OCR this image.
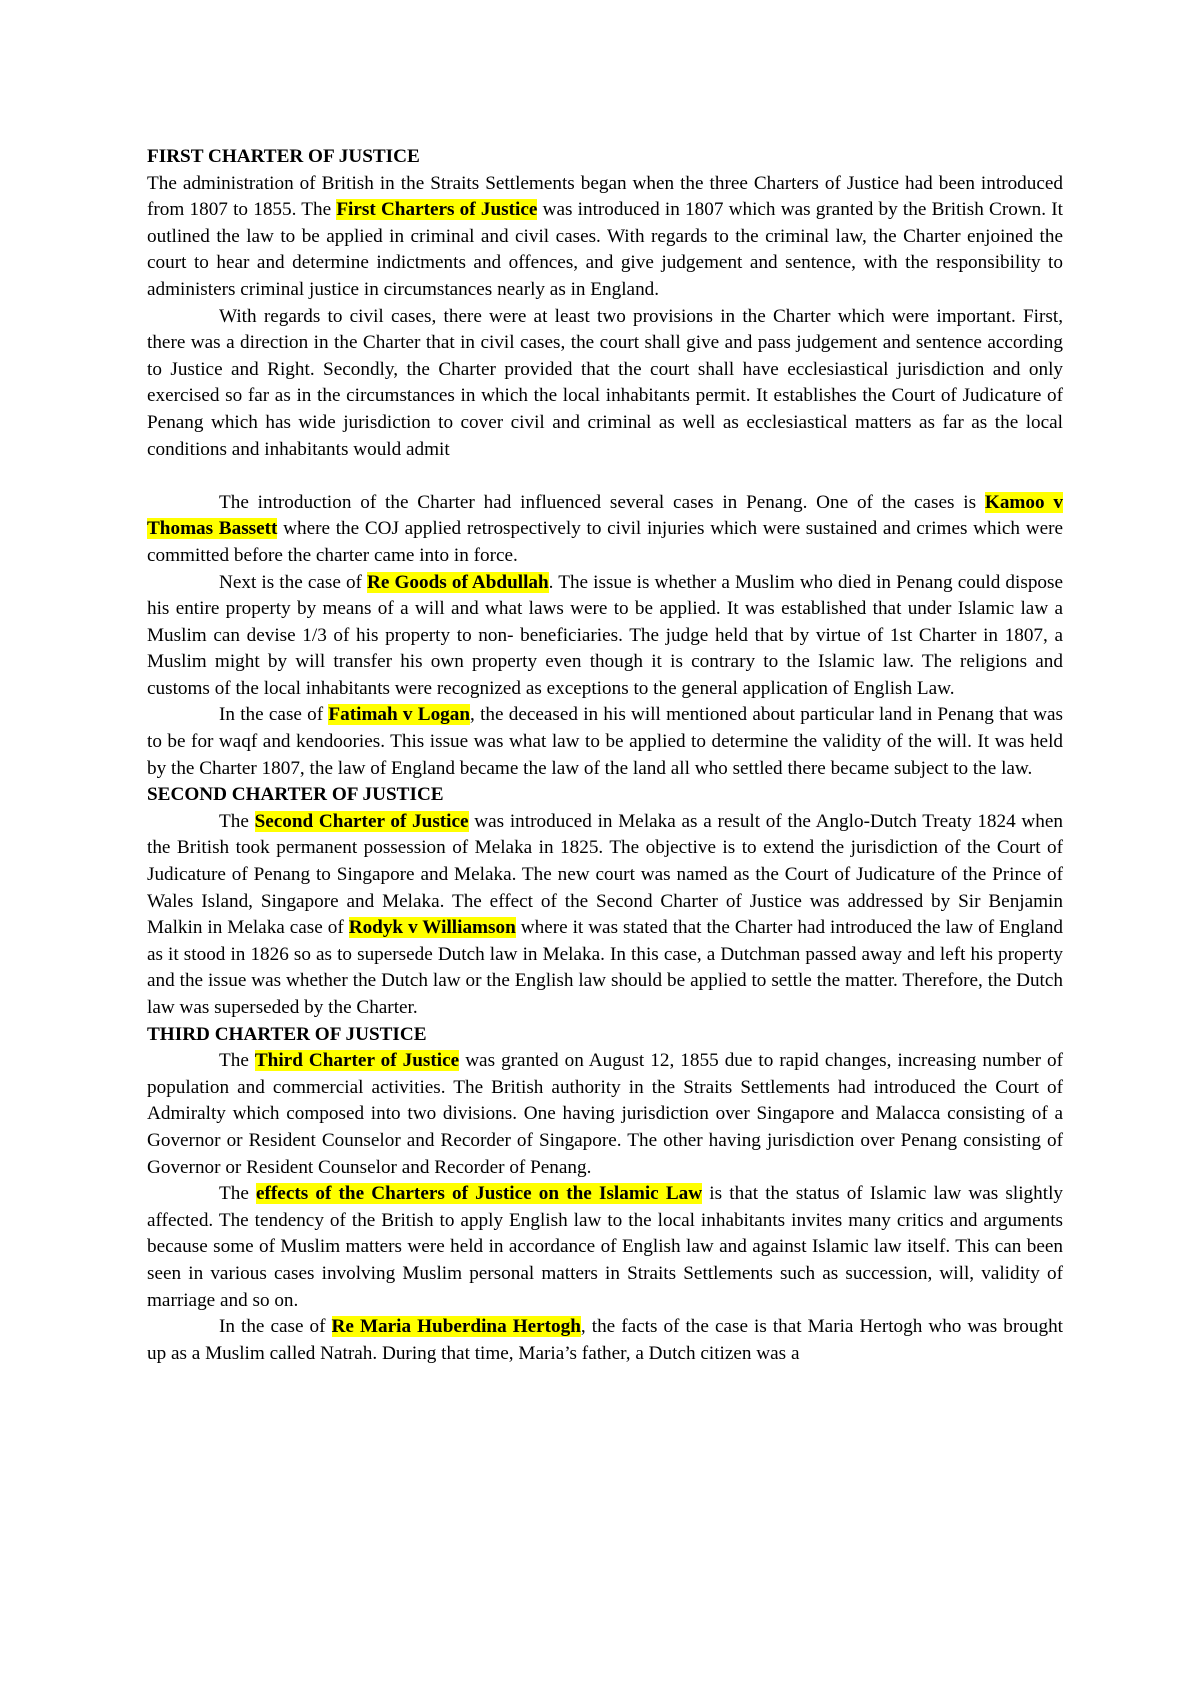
FIRST CHARTER OF JUSTICE

The administration of British in the Straits Settlements began when the three Charters of Justice had been introduced from 1807 to 1855. The First Charters of Justice was introduced in 1807 which was granted by the British Crown. It outlined the law to be applied in criminal and civil cases. With regards to the criminal law, the Charter enjoined the court to hear and determine indictments and offences, and give judgement and sentence, with the responsibility to administers criminal justice in circumstances nearly as in England.

With regards to civil cases, there were at least two provisions in the Charter which were important. First, there was a direction in the Charter that in civil cases, the court shall give and pass judgement and sentence according to Justice and Right. Secondly, the Charter provided that the court shall have ecclesiastical jurisdiction and only exercised so far as in the circumstances in which the local inhabitants permit. It establishes the Court of Judicature of Penang which has wide jurisdiction to cover civil and criminal as well as ecclesiastical matters as far as the local conditions and inhabitants would admit

The introduction of the Charter had influenced several cases in Penang. One of the cases is Kamoo v Thomas Bassett where the COJ applied retrospectively to civil injuries which were sustained and crimes which were committed before the charter came into in force.

Next is the case of Re Goods of Abdullah. The issue is whether a Muslim who died in Penang could dispose his entire property by means of a will and what laws were to be applied. It was established that under Islamic law a Muslim can devise 1/3 of his property to non- beneficiaries. The judge held that by virtue of 1st Charter in 1807, a Muslim might by will transfer his own property even though it is contrary to the Islamic law. The religions and customs of the local inhabitants were recognized as exceptions to the general application of English Law.

In the case of Fatimah v Logan, the deceased in his will mentioned about particular land in Penang that was to be for waqf and kendoories. This issue was what law to be applied to determine the validity of the will. It was held by the Charter 1807, the law of England became the law of the land all who settled there became subject to the law.

SECOND CHARTER OF JUSTICE

The Second Charter of Justice was introduced in Melaka as a result of the Anglo-Dutch Treaty 1824 when the British took permanent possession of Melaka in 1825. The objective is to extend the jurisdiction of the Court of Judicature of Penang to Singapore and Melaka. The new court was named as the Court of Judicature of the Prince of Wales Island, Singapore and Melaka. The effect of the Second Charter of Justice was addressed by Sir Benjamin Malkin in Melaka case of Rodyk v Williamson where it was stated that the Charter had introduced the law of England as it stood in 1826 so as to supersede Dutch law in Melaka. In this case, a Dutchman passed away and left his property and the issue was whether the Dutch law or the English law should be applied to settle the matter. Therefore, the Dutch law was superseded by the Charter.

THIRD CHARTER OF JUSTICE

The Third Charter of Justice was granted on August 12, 1855 due to rapid changes, increasing number of population and commercial activities. The British authority in the Straits Settlements had introduced the Court of Admiralty which composed into two divisions. One having jurisdiction over Singapore and Malacca consisting of a Governor or Resident Counselor and Recorder of Singapore. The other having jurisdiction over Penang consisting of Governor or Resident Counselor and Recorder of Penang.

The effects of the Charters of Justice on the Islamic Law is that the status of Islamic law was slightly affected. The tendency of the British to apply English law to the local inhabitants invites many critics and arguments because some of Muslim matters were held in accordance of English law and against Islamic law itself. This can been seen in various cases involving Muslim personal matters in Straits Settlements such as succession, will, validity of marriage and so on.

In the case of Re Maria Huberdina Hertogh, the facts of the case is that Maria Hertogh who was brought up as a Muslim called Natrah. During that time, Maria’s father, a Dutch citizen was a
